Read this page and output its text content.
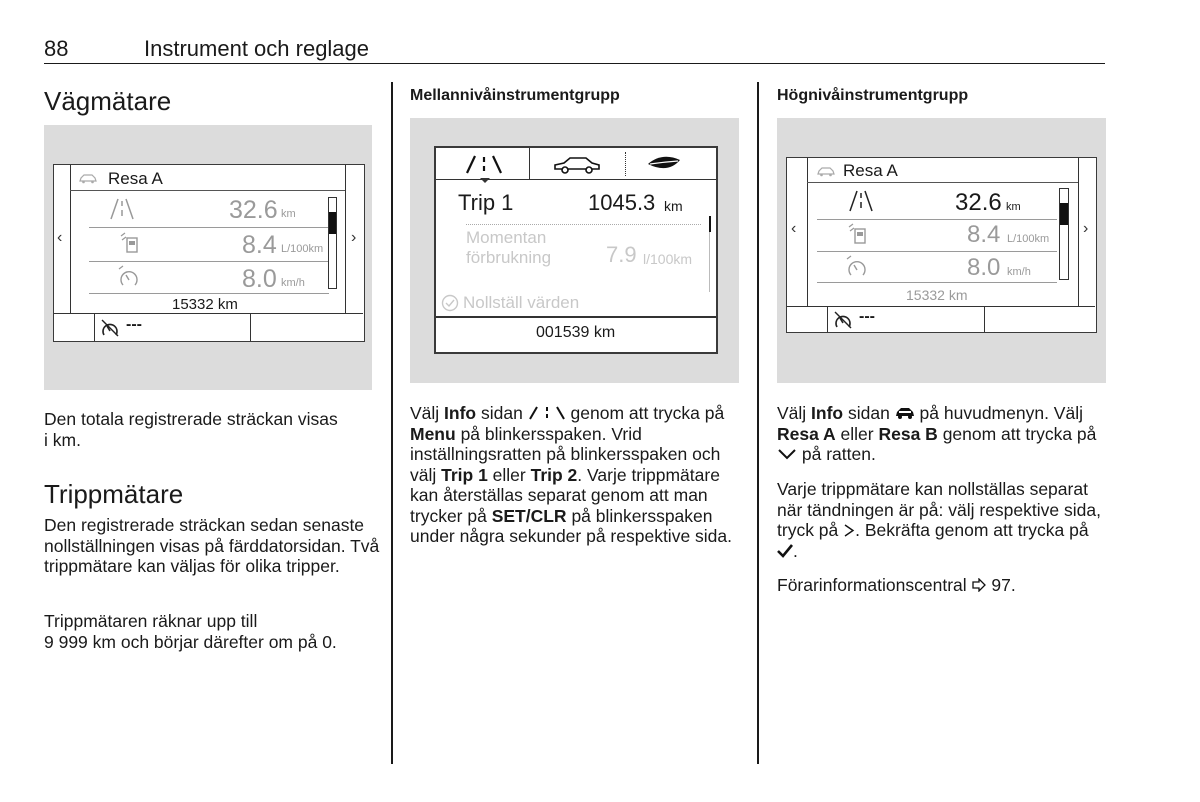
88	Instrument och reglage
Vägmätare
‹	›
Resa A
32.6 km
8.4 L/100km
8.0 km/h
15332 km
---
Den totala registrerade sträckan visas i km.
Trippmätare
Den registrerade sträckan sedan senaste nollställningen visas på färddatorsidan. Två trippmätare kan väljas för olika tripper.
Trippmätaren räknar upp till
9 999 km och börjar därefter om på 0.
Mellannivåinstrumentgrupp
Trip 1	1045.3 km
Momentan
förbrukning 7.9 l/100km
Nollställ värden
001539 km
Välj Info sidan  genom att trycka på Menu på blinkersspaken. Vrid inställningsratten på blinkersspaken och välj Trip 1 eller Trip 2. Varje trippmätare kan återställas separat genom att man trycker på SET/CLR på blinkersspaken under några sekunder på respektive sida.
Högnivåinstrumentgrupp
‹	›
Resa A
32.6 km
8.4 L/100km
8.0 km/h
15332 km
---
Välj Info sidan  på huvudmenyn. Välj Resa A eller Resa B genom att trycka på  på ratten.
Varje trippmätare kan nollställas separat när tändningen är på: välj respektive sida, tryck på . Bekräfta genom att trycka på .
Förarinformationscentral  97.
